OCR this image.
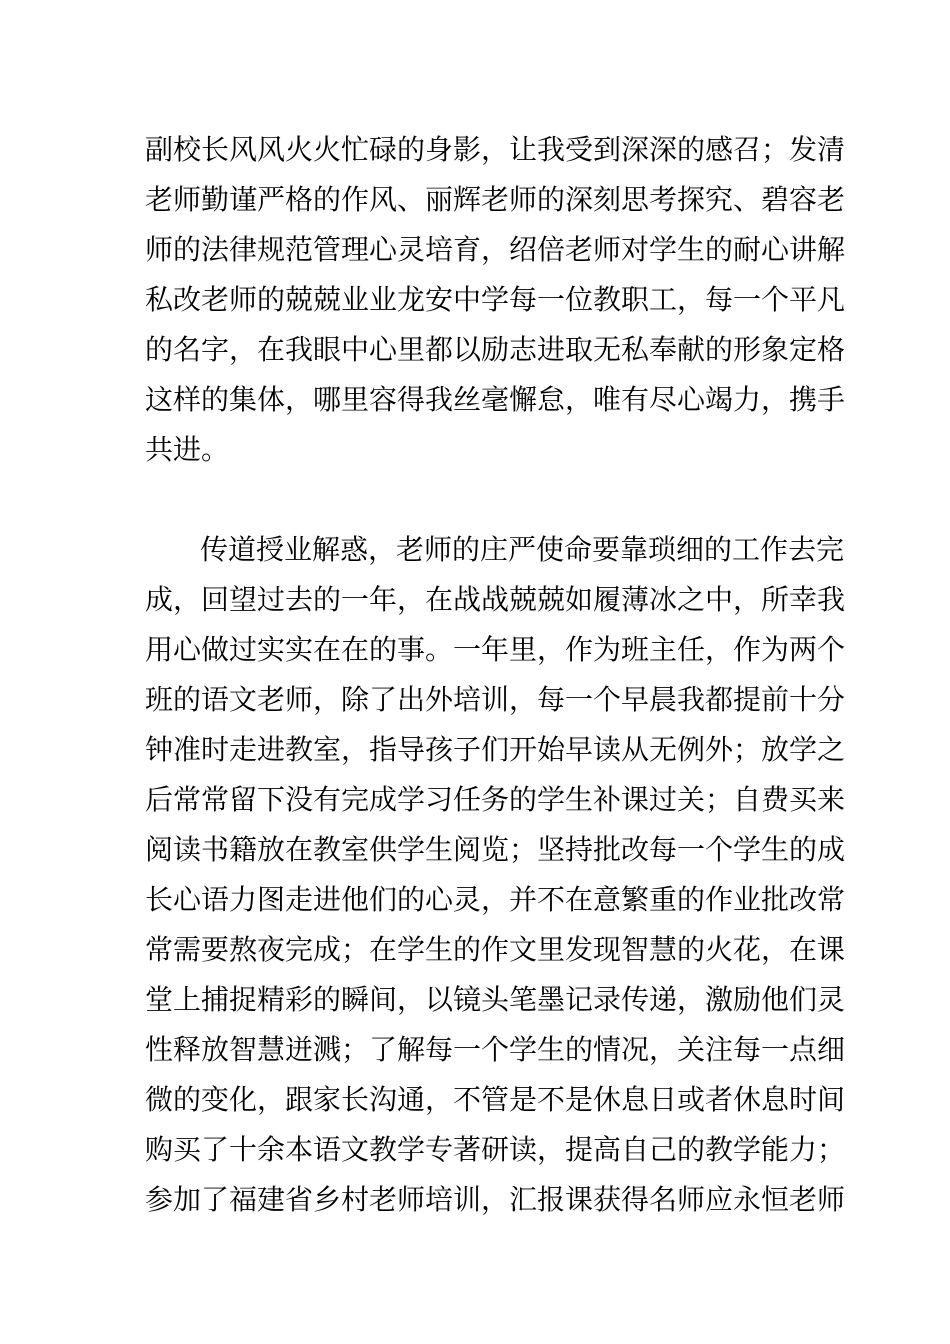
副校长风风火火忙碌的身影，让我受到深深的感召；发清
老师勤谨严格的作风、丽辉老师的深刻思考探究、碧容老
师的法律规范管理心灵培育，绍倍老师对学生的耐心讲解
私改老师的兢兢业业龙安中学每一位教职工，每一个平凡
的名字，在我眼中心里都以励志进取无私奉献的形象定格
这样的集体，哪里容得我丝毫懈怠，唯有尽心竭力，携手
共进。
传道授业解惑，老师的庄严使命要靠琐细的工作去完
成，回望过去的一年，在战战兢兢如履薄冰之中，所幸我
用心做过实实在在的事。一年里，作为班主任，作为两个
班的语文老师，除了出外培训，每一个早晨我都提前十分
钟准时走进教室，指导孩子们开始早读从无例外；放学之
后常常留下没有完成学习任务的学生补课过关；自费买来
阅读书籍放在教室供学生阅览；坚持批改每一个学生的成
长心语力图走进他们的心灵，并不在意繁重的作业批改常
常需要熬夜完成；在学生的作文里发现智慧的火花，在课
堂上捕捉精彩的瞬间，以镜头笔墨记录传递，激励他们灵
性释放智慧迸溅；了解每一个学生的情况，关注每一点细
微的变化，跟家长沟通，不管是不是休息日或者休息时间
购买了十余本语文教学专著研读，提高自己的教学能力；
参加了福建省乡村老师培训，汇报课获得名师应永恒老师
